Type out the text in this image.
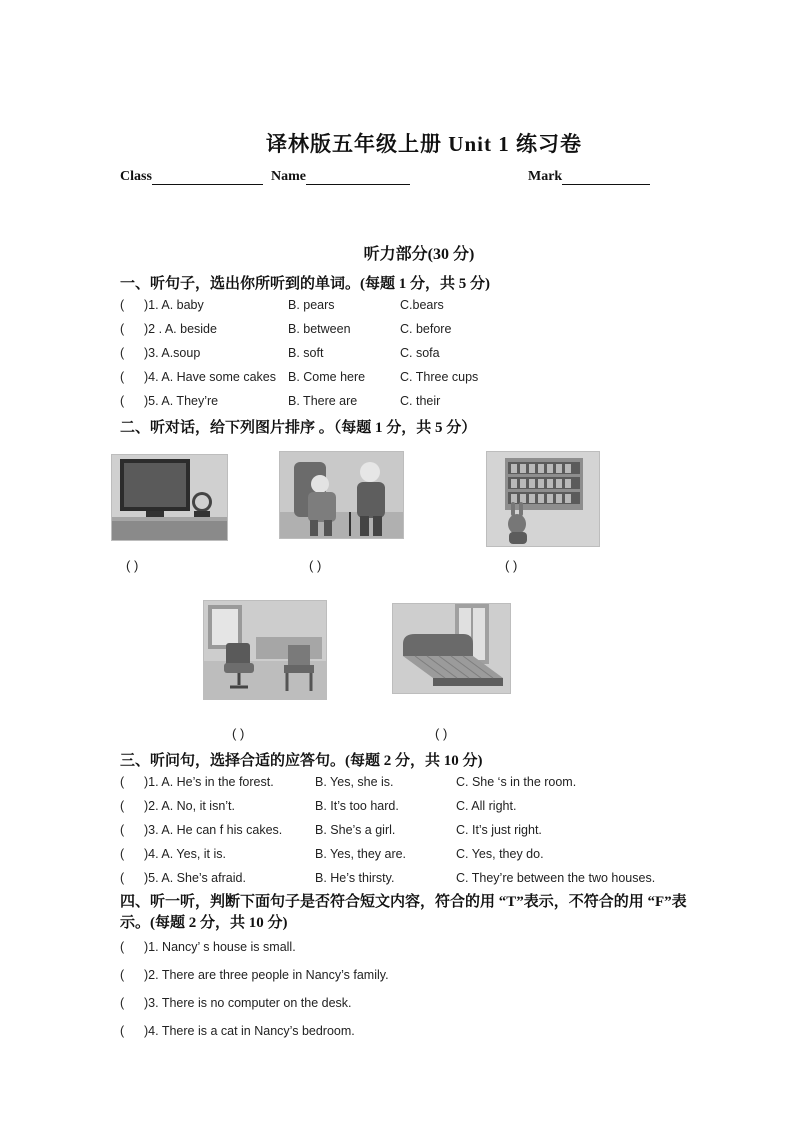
译林版五年级上册 Unit 1 练习卷
Class	Name	Mark
听力部分(30 分)
一、听句子，选出你所听到的单词。(每题 1 分，共 5 分)
( )1. A. baby	B. pears	C.bears
( )2 . A. beside	B. between	C. before
( )3. A.soup	B. soft	C. sofa
( )4. A. Have some cakes B. Come here	C. Three cups
( )5. A. They’re	B. There are	C. their
二、听对话，给下列图片排序 。（每题 1 分，共 5 分）
( )	( )	( )
( )	( )
三、听问句，选择合适的应答句。(每题 2 分，共 10 分)
( )1. A. He’s in the forest.	B. Yes, she is.	C. She ‘s in the room.
( )2. A. No, it isn’t.	B. It’s too hard.	C. All right.
( )3. A. He can f his cakes.	B. She’s a girl.	C. It’s just right.
( )4. A. Yes, it is.	B. Yes, they are.	C. Yes, they do.
( )5. A. She’s afraid.	B. He’s thirsty.	C. They’re between the two houses.
四、听一听，判断下面句子是否符合短文内容，符合的用 “T”表示，不符合的用 “F”表
示。(每题 2 分，共 10 分)
( )1. Nancy’ s house is small.
( )2. There are three people in Nancy’s family.
( )3. There is no computer on the desk.
( )4. There is a cat in Nancy’s bedroom.
